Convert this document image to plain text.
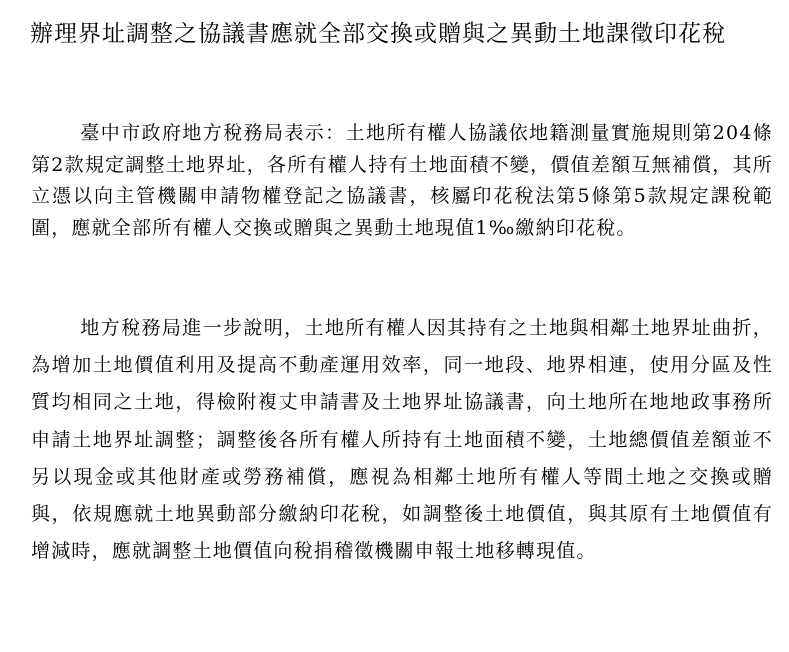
辦理界址調整之協議書應就全部交換或贈與之異動土地課徵印花稅

臺中市政府地方稅務局表示：土地所有權人協議依地籍測量實施規則第204條第2款規定調整土地界址，各所有權人持有土地面積不變，價值差額互無補償，其所立憑以向主管機關申請物權登記之協議書，核屬印花稅法第5條第5款規定課稅範圍，應就全部所有權人交換或贈與之異動土地現值1‰繳納印花稅。

地方稅務局進一步說明，土地所有權人因其持有之土地與相鄰土地界址曲折，為增加土地價值利用及提高不動產運用效率，同一地段、地界相連，使用分區及性質均相同之土地，得檢附複丈申請書及土地界址協議書，向土地所在地地政事務所申請土地界址調整；調整後各所有權人所持有土地面積不變，土地總價值差額並不另以現金或其他財產或勞務補償，應視為相鄰土地所有權人等間土地之交換或贈與，依規應就土地異動部分繳納印花稅，如調整後土地價值，與其原有土地價值有增減時，應就調整土地價值向稅捐稽徵機關申報土地移轉現值。
